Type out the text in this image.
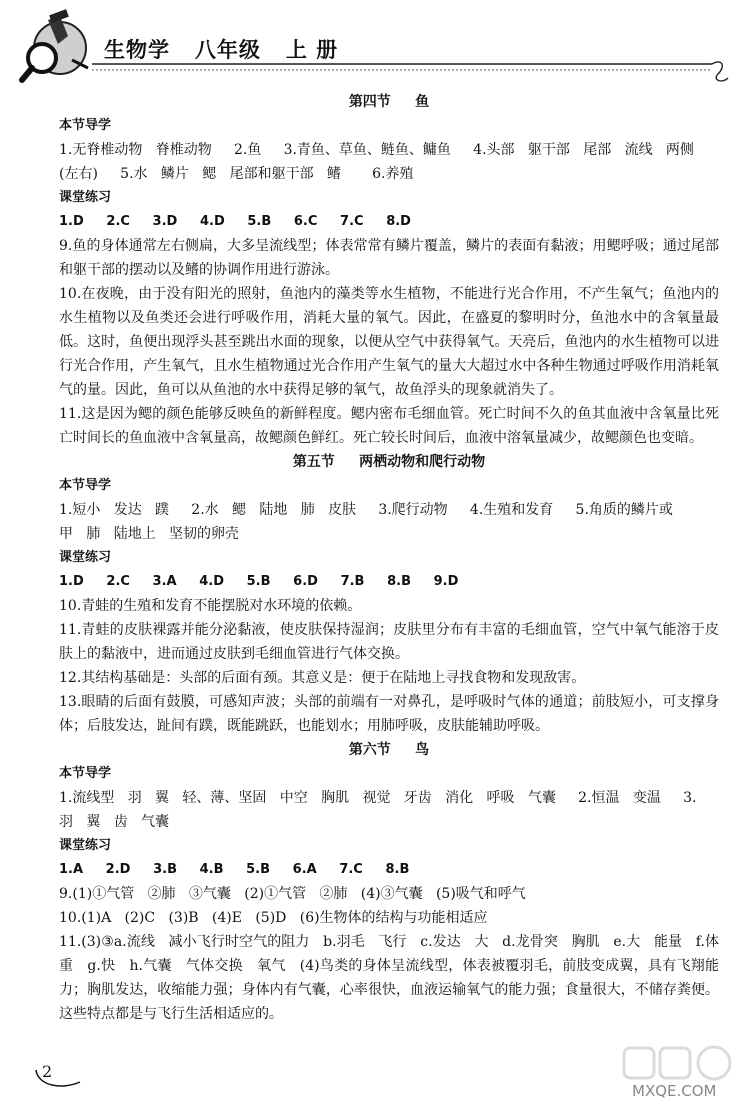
生物学   八年级   上 册

第四节     鱼

本节导学

1.无脊椎动物   脊椎动物     2.鱼     3.青鱼、草鱼、鲢鱼、鳙鱼     4.头部   躯干部   尾部   流线   两侧

(左右)     5.水   鳞片   鳃   尾部和躯干部   鳍       6.养殖

课堂练习

1.D     2.C     3.D     4.D     5.B     6.C     7.C     8.D

9.鱼的身体通常左右侧扁，大多呈流线型；体表常常有鳞片覆盖，鳞片的表面有黏液；用鳃呼吸；通过尾部和躯干部的摆动以及鳍的协调作用进行游泳。

10.在夜晚，由于没有阳光的照射，鱼池内的藻类等水生植物，不能进行光合作用，不产生氧气；鱼池内的水生植物以及鱼类还会进行呼吸作用，消耗大量的氧气。因此，在盛夏的黎明时分，鱼池水中的含氧量最低。这时，鱼便出现浮头甚至跳出水面的现象，以便从空气中获得氧气。天亮后，鱼池内的水生植物可以进行光合作用，产生氧气，且水生植物通过光合作用产生氧气的量大大超过水中各种生物通过呼吸作用消耗氧气的量。因此，鱼可以从鱼池的水中获得足够的氧气，故鱼浮头的现象就消失了。

11.这是因为鳃的颜色能够反映鱼的新鲜程度。鳃内密布毛细血管。死亡时间不久的鱼其血液中含氧量比死亡时间长的鱼血液中含氧量高，故鳃颜色鲜红。死亡较长时间后，血液中溶氧量减少，故鳃颜色也变暗。

第五节     两栖动物和爬行动物

本节导学

1.短小   发达   蹼     2.水   鳃   陆地   肺   皮肤     3.爬行动物     4.生殖和发育     5.角质的鳞片或

甲   肺   陆地上   坚韧的卵壳

课堂练习

1.D     2.C     3.A     4.D     5.B     6.D     7.B     8.B     9.D

10.青蛙的生殖和发育不能摆脱对水环境的依赖。

11.青蛙的皮肤裸露并能分泌黏液，使皮肤保持湿润；皮肤里分布有丰富的毛细血管，空气中氧气能溶于皮肤上的黏液中，进而通过皮肤到毛细血管进行气体交换。

12.其结构基础是：头部的后面有颈。其意义是：便于在陆地上寻找食物和发现敌害。

13.眼睛的后面有鼓膜，可感知声波；头部的前端有一对鼻孔，是呼吸时气体的通道；前肢短小，可支撑身体；后肢发达，趾间有蹼，既能跳跃，也能划水；用肺呼吸，皮肤能辅助呼吸。

第六节     鸟

本节导学

1.流线型   羽   翼   轻、薄、坚固   中空   胸肌   视觉   牙齿   消化   呼吸   气囊     2.恒温   变温     3.

羽   翼   齿   气囊

课堂练习

1.A     2.D     3.B     4.B     5.B     6.A     7.C     8.B

9.(1)①气管   ②肺   ③气囊   (2)①气管   ②肺   (4)③气囊   (5)吸气和呼气

10.(1)A   (2)C   (3)B   (4)E   (5)D   (6)生物体的结构与功能相适应

11.(3)③a.流线   减小飞行时空气的阻力   b.羽毛   飞行   c.发达   大   d.龙骨突   胸肌   e.大   能量   f.体重   g.快   h.气囊   气体交换   氧气   (4)鸟类的身体呈流线型，体表被覆羽毛，前肢变成翼，具有飞翔能力；胸肌发达，收缩能力强；身体内有气囊，心率很快，血液运输氧气的能力强；食量很大，不储存粪便。这些特点都是与飞行生活相适应的。

2
MXQE.COM
